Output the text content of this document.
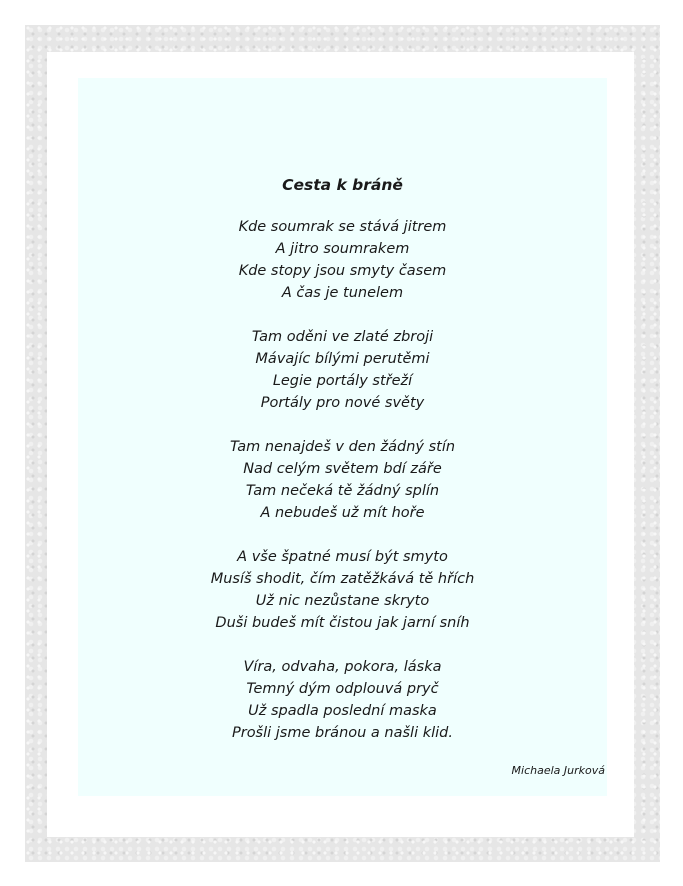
Cesta k bráně
Kde soumrak se stává jitrem
A jitro soumrakem
Kde stopy jsou smyty časem
A čas je tunelem
Tam oděni ve zlaté zbroji
Mávajíc bílými perutěmi
Legie portály střeží
Portály pro nové světy
Tam nenajdeš v den žádný stín
Nad celým světem bdí záře
Tam nečeká tě žádný splín
A nebudeš už mít hoře
A vše špatné musí být smyto
Musíš shodit, čím zatěžkává tě hřích
Už nic nezůstane skryto
Duši budeš mít čistou jak jarní sníh
Víra, odvaha, pokora, láska
Temný dým odplouvá pryč
Už spadla poslední maska
Prošli jsme bránou a našli klid.
Michaela Jurková
